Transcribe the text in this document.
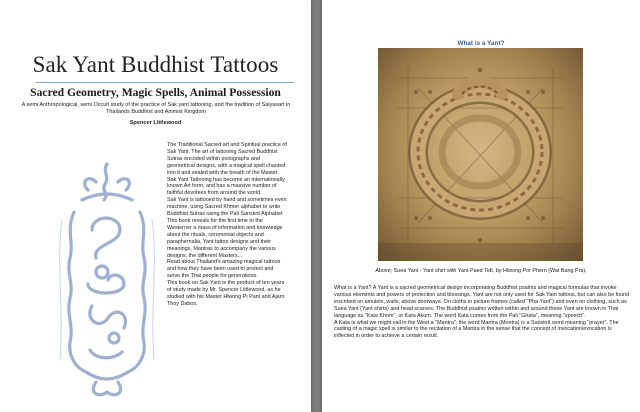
Sak Yant Buddhist Tattoos
Sacred Geometry, Magic Spells, Animal Possession
A semi Anthropological, semi Occult study of the practice of Sak yant tattooing, and the tradition of Saiyasart in Thailands Buddhist and Animist Kingdom
Spencer Littlewood

The Traditional Sacred art and Spiritual practice of Sak Yant; The art of tattooing Sacred Buddhist Sutras encoded within pictographs and geometrical designs, with a magical spell chanted into it and sealed with the breath of the Master. Sak Yant Tattooing has become an internationally known Art form, and has a massive number of faithful devotees from around the world.

Sak Yant is tattooed by hand and sometimes even machine, using Sacred Khmer alphabet to write Buddhist Sutras using the Pali Sanskrit Alphabet

This book reveals for the first time to the Westerner a mass of information and knowledge about the rituals, ceremonial objects and paraphernalia, Yant tattoo designs and their meanings, Mantras to accompany the various designs, the different Masters...

Read about Thailand's amazing magical tattoos and how they have been used to protect and serve the Thai people for generations.

This book on Sak Yant is the product of ten years of study made by Mr. Spencer Littlewood, as he studied with his Master Hlwong Pi Pant and Ajarn Thoy Dabos.

What is a Yant?
Above; Suea Yant - Yant shirt with Yant Paed Tidt, by Hlwong Por Phern (Wat Bang Pra).

What is a Yant? A Yant is a sacred geometrical design incorporating Buddhist psalms and magical formulas that invoke various elements and powers of protection and blessings. Yant are not only used for Sak Yant tattoos, but can also be found inscribed on amulets, walls, above doorways. On cloths in picture frames (called "Pha Yant") and even on clothing, such as Suea Yant (Yant shirts) and head scarves. The Buddhist psalms written within and around these Yant are known in Thai language as "Kata Khom", or Kata Akom. The word Kata comes from the Pali "Ghata", meaning "speech".

A Kata is what we might call in the West a "Mantra"; the word Mantra (Montra) is a Sanskrit word meaning "prayer". The casting of a magic spell is similar to the recitation of a Mantra in the sense that the concept of invocation/evocation is inflected in order to achieve a certain result.
